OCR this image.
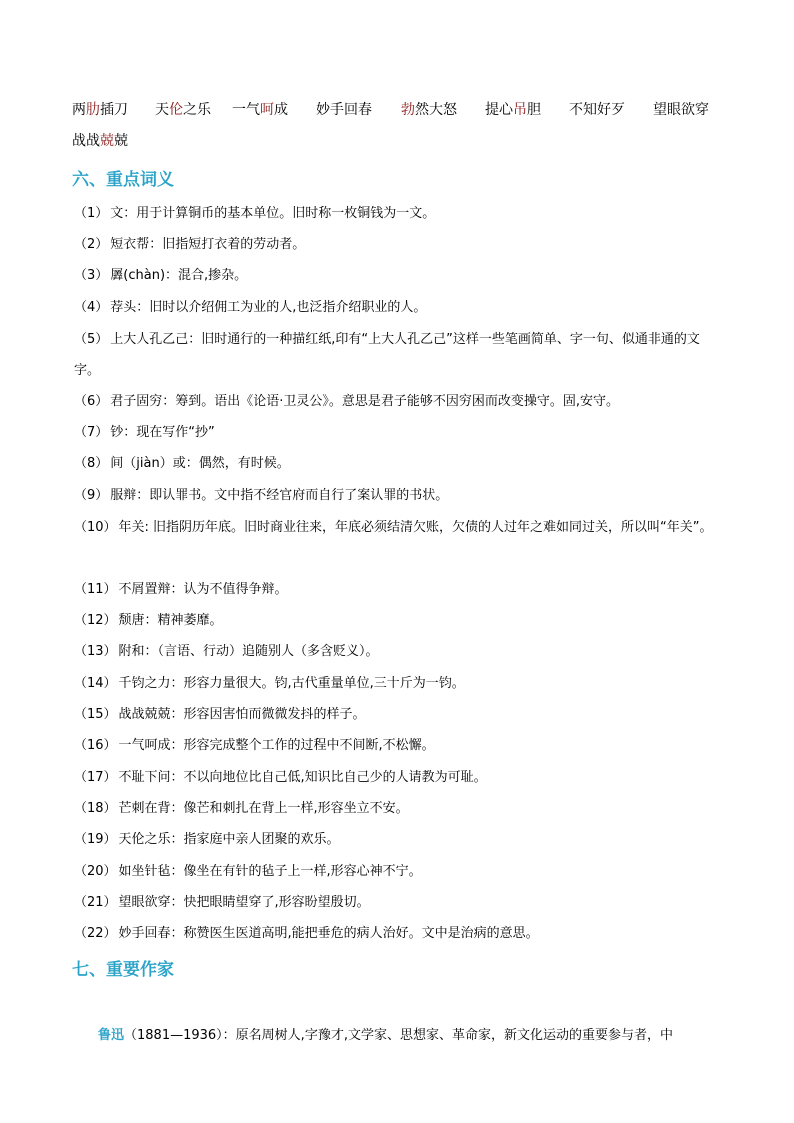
两肋插刀 天伦之乐 一气呵成 妙手回春 勃然大怒 提心吊胆 不知好歹 望眼欲穿
战战兢兢
六、重点词义
（1） 文：用于计算铜币的基本单位。旧时称一枚铜钱为一文。
（2） 短衣帮：旧指短打衣着的劳动者。
（3） 羼(chàn)：混合,掺杂。
（4） 荐头：旧时以介绍佣工为业的人,也泛指介绍职业的人。
（5） 上大人孔乙己：旧时通行的一种描红纸,印有“上大人孔乙己”这样一些笔画简单、字一句、似通非通的文字。
（6） 君子固穷：筹到。语出《论语·卫灵公》。意思是君子能够不因穷困而改变操守。固,安守。
（7） 钞：现在写作“抄”
（8） 间（jiàn）或：偶然，有时候。
（9） 服辩：即认罪书。文中指不经官府而自行了案认罪的书状。
（10） 年关: 旧指阴历年底。旧时商业往来，年底必须结清欠账，欠债的人过年之难如同过关，所以叫“年关”。
（11） 不屑置辩：认为不值得争辩。
（12） 颓唐：精神萎靡。
（13） 附和：（言语、行动）追随别人（多含贬义）。
（14） 千钧之力：形容力量很大。钧,古代重量单位,三十斤为一钧。
（15） 战战兢兢：形容因害怕而微微发抖的样子。
（16） 一气呵成：形容完成整个工作的过程中不间断,不松懈。
（17） 不耻下问：不以向地位比自己低,知识比自己少的人请教为可耻。
（18） 芒刺在背：像芒和刺扎在背上一样,形容坐立不安。
（19） 天伦之乐：指家庭中亲人团聚的欢乐。
（20） 如坐针毡：像坐在有针的毡子上一样,形容心神不宁。
（21） 望眼欲穿：快把眼睛望穿了,形容盼望殷切。
（22） 妙手回春：称赞医生医道高明,能把垂危的病人治好。文中是治病的意思。
七、重要作家
鲁迅（1881—1936）：原名周树人,字豫才,文学家、思想家、革命家，新文化运动的重要参与者，中
